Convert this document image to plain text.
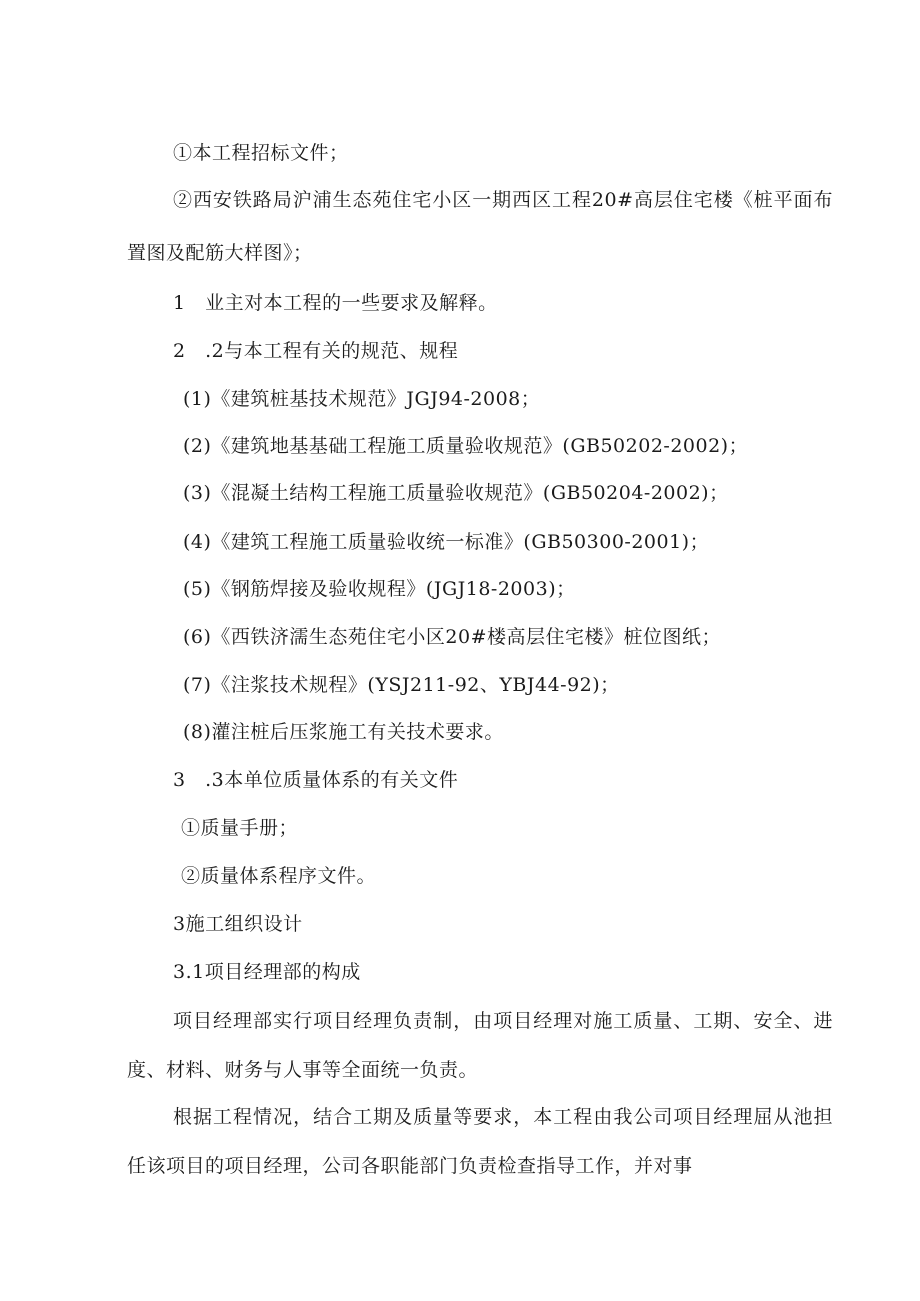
①本工程招标文件；
②西安铁路局沪浦生态苑住宅小区一期西区工程20#高层住宅楼《桩平面布
置图及配筋大样图》；
1　业主对本工程的一些要求及解释。
2　.2与本工程有关的规范、规程
(1)《建筑桩基技术规范》JGJ94-2008；
(2)《建筑地基基础工程施工质量验收规范》(GB50202-2002)；
(3)《混凝土结构工程施工质量验收规范》(GB50204-2002)；
(4)《建筑工程施工质量验收统一标准》(GB50300-2001)；
(5)《钢筋焊接及验收规程》(JGJ18-2003)；
(6)《西铁济濡生态苑住宅小区20#楼高层住宅楼》桩位图纸；
(7)《注浆技术规程》(YSJ211-92、YBJ44-92)；
(8)灌注桩后压浆施工有关技术要求。
3　.3本单位质量体系的有关文件
①质量手册；
②质量体系程序文件。
3施工组织设计
3.1项目经理部的构成
项目经理部实行项目经理负责制，由项目经理对施工质量、工期、安全、进
度、材料、财务与人事等全面统一负责。
根据工程情况，结合工期及质量等要求，本工程由我公司项目经理屈从池担
任该项目的项目经理，公司各职能部门负责检查指导工作，并对事
